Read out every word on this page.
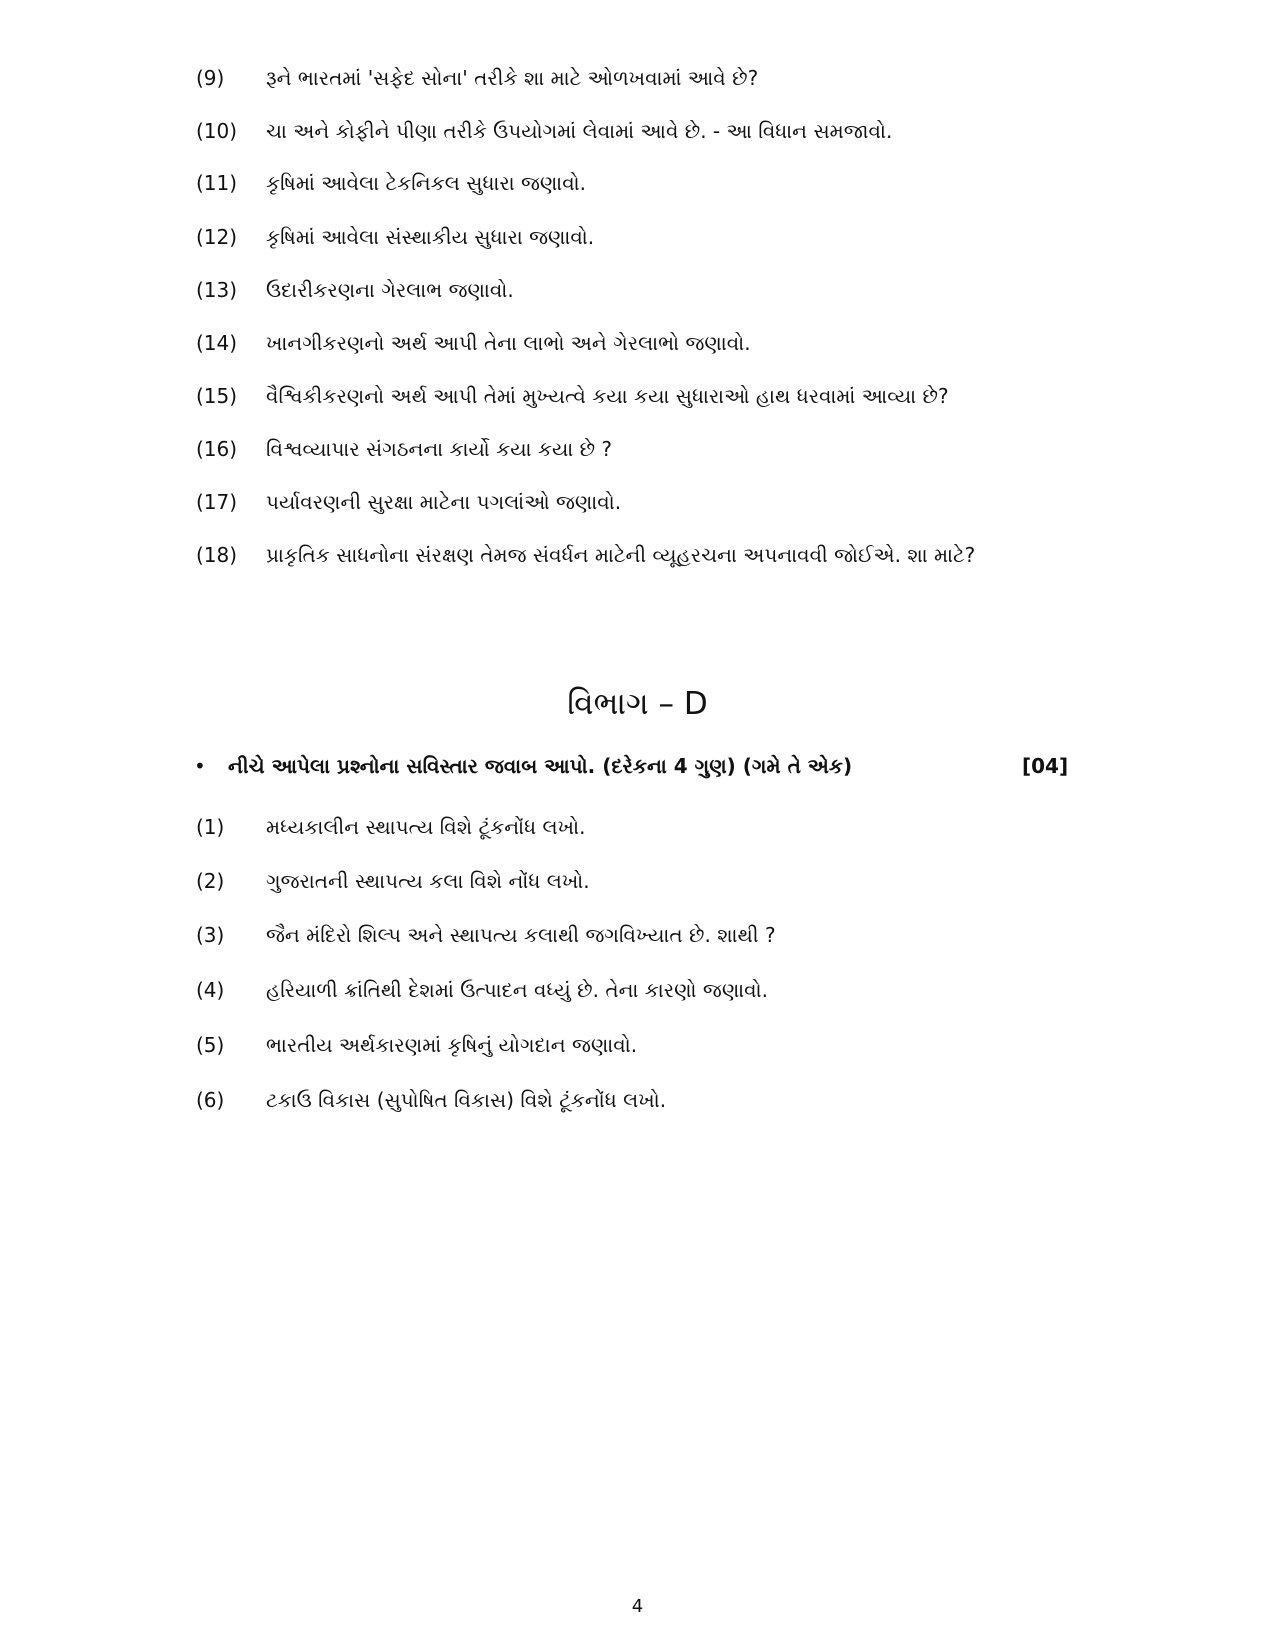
(9) રૂને ભારતમાં 'સફેદ સોના' તરીકે શા માટે ઓળખવામાં આવે છે?
(10) ચા અને કોફીને પીણા તરીકે ઉપયોગમાં લેવામાં આવે છે. - આ વિધાન સમજાવો.
(11) કૃષિમાં આવેલા ટેકનિકલ સુધારા જણાવો.
(12) કૃષિમાં આવેલા સંસ્થાકીય સુધારા જણાવો.
(13) ઉદારીકરણના ગેરલાભ જણાવો.
(14) ખાનગીકરણનો અર્થ આપી તેના લાભો અને ગેરલાભો જણાવો.
(15) વૈશ્વિકીકરણનો અર્થ આપી તેમાં મુખ્યત્વે કયા કયા સુધારાઓ હાથ ધરવામાં આવ્યા છે?
(16) વિશ્વવ્યાપાર સંગઠનના કાર્યો કયા કયા છે ?
(17) પર્યાવરણની સુરક્ષા માટેના પગલાંઓ જણાવો.
(18) પ્રાકૃતિક સાધનોના સંરક્ષણ તેમજ સંવર્ધન માટેની વ્યૂહરચના અપનાવવી જોઈએ. શા માટે?
વિભાગ – D
• નીચે આપેલા પ્રશ્નોના સવિસ્તાર જવાબ આપો. (દરેકના 4 ગુણ) (ગમે તે એક)	[04]
(1) મધ્યકાલીન સ્થાપત્ય વિશે ટૂંકનોંધ લખો.
(2) ગુજરાતની સ્થાપત્ય કલા વિશે નોંધ લખો.
(3) જૈન મંદિરો શિલ્પ અને સ્થાપત્ય કલાથી જગવિખ્યાત છે. શાથી ?
(4) હરિયાળી ક્રાંતિથી દેશમાં ઉત્પાદન વધ્યું છે. તેના કારણો જણાવો.
(5) ભારતીય અર્થકારણમાં કૃષિનું યોગદાન જણાવો.
(6) ટકાઉ વિકાસ (સુપોષિત વિકાસ) વિશે ટૂંકનોંધ લખો.
4
